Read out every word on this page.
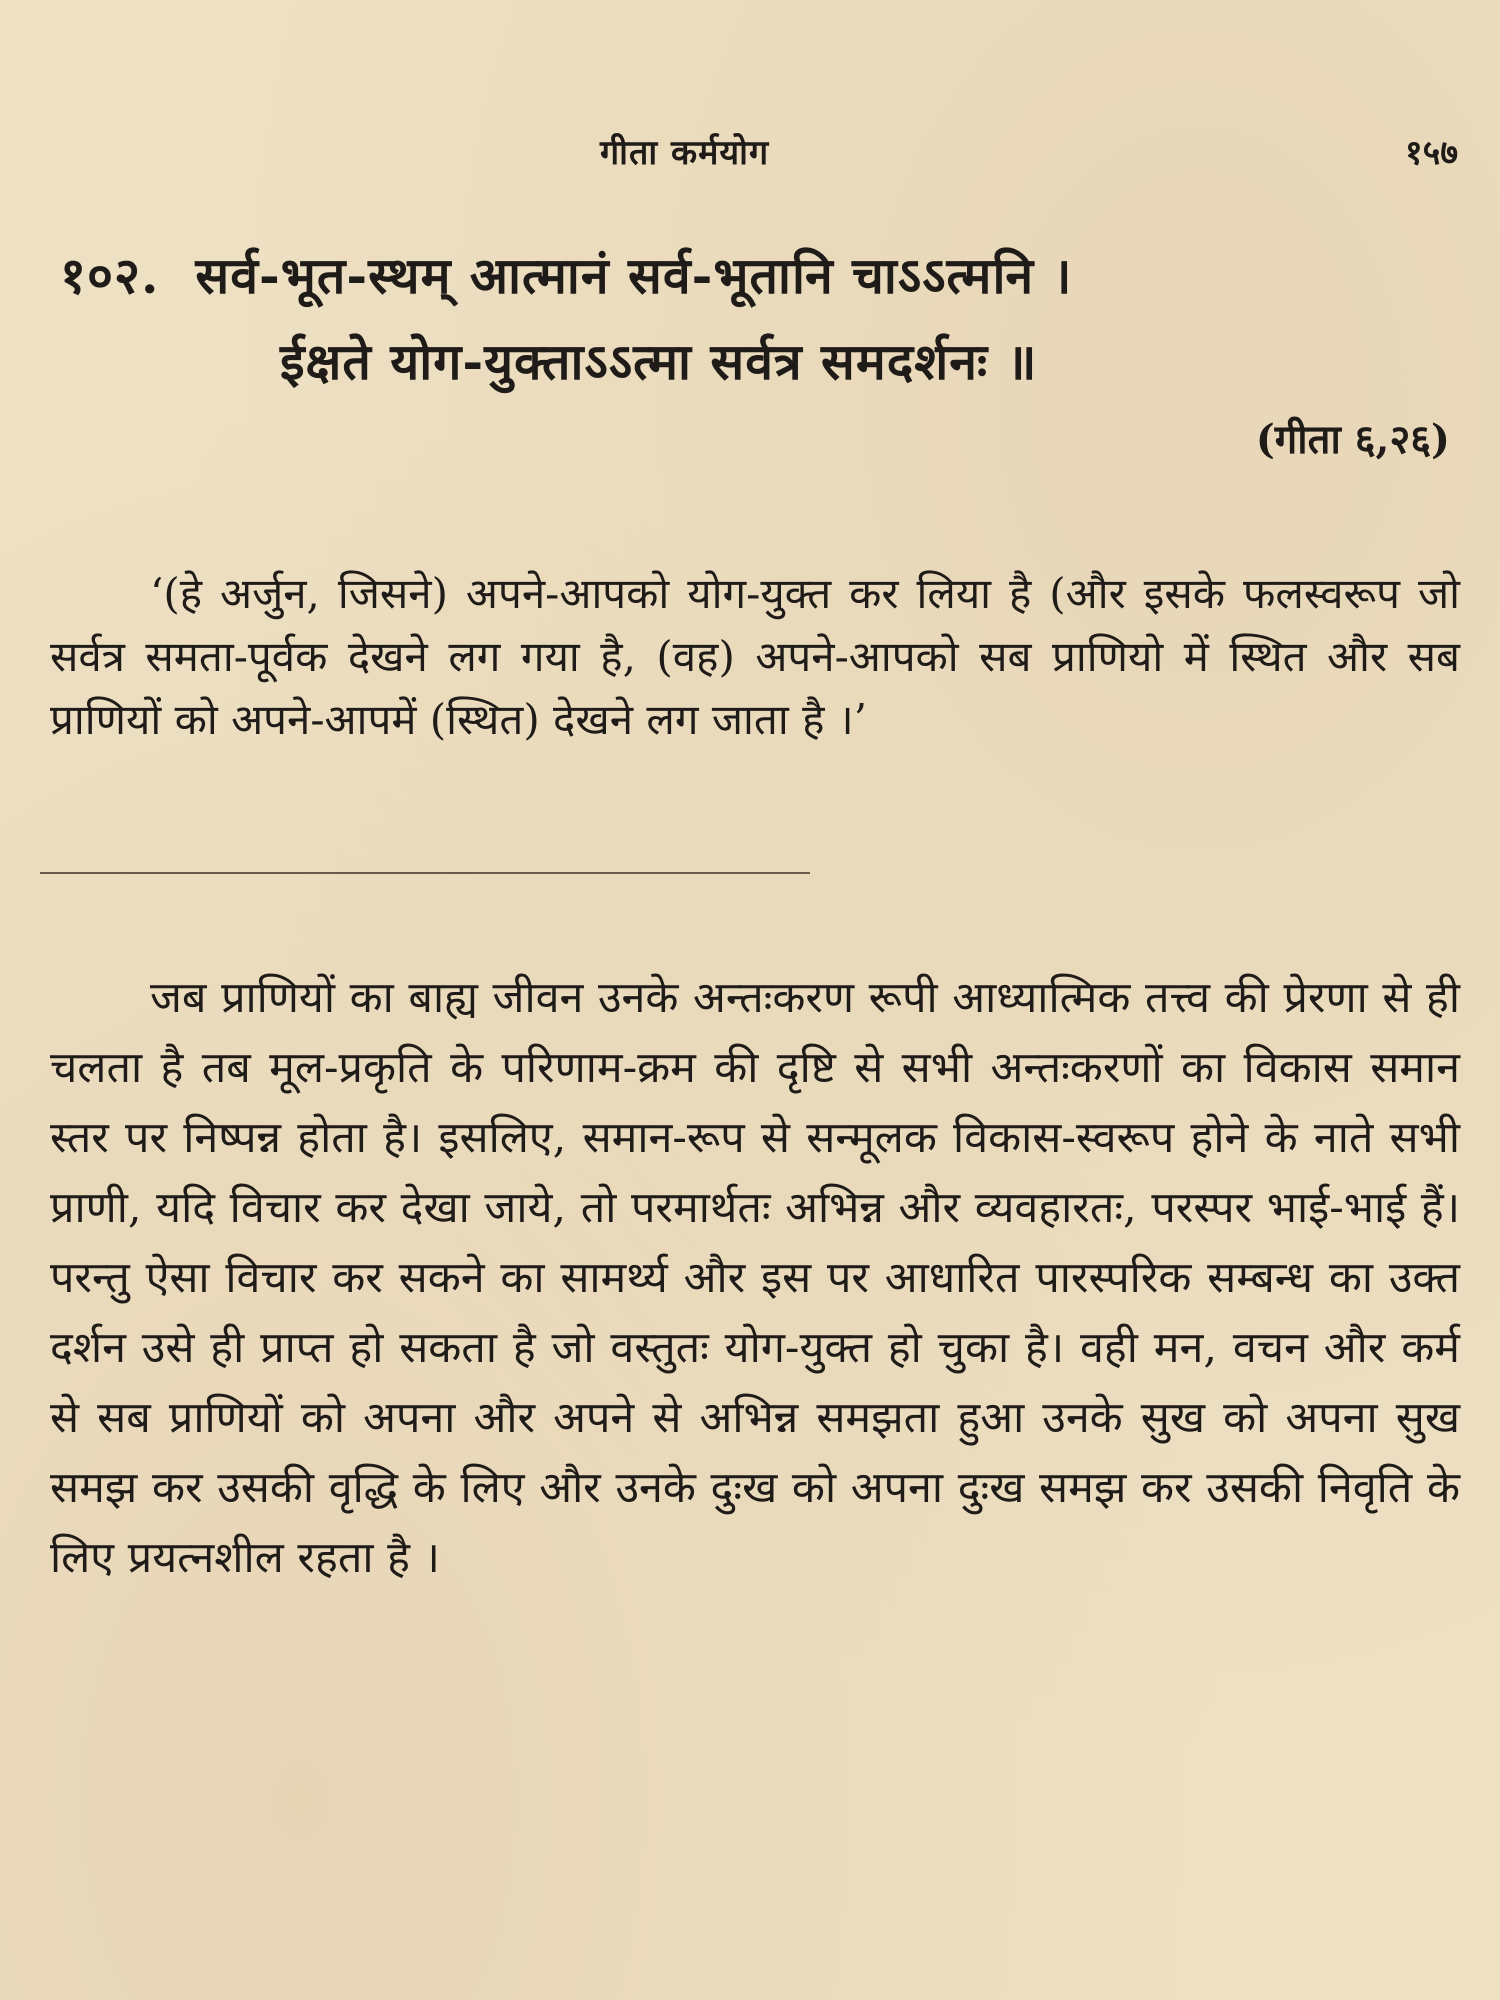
गीता कर्मयोग	१५७
१०२. सर्व-भूत-स्थम् आत्मानं सर्व-भूतानि चाऽऽत्मनि ।
ईक्षते योग-युक्ताऽऽत्मा सर्वत्र समदर्शनः ॥
(गीता ६,२६)

‘(हे अर्जुन, जिसने) अपने-आपको योग-युक्त कर लिया है (और इसके फलस्वरूप जो सर्वत्र समता-पूर्वक देखने लग गया है, (वह) अपने-आपको सब प्राणियो में स्थित और सब प्राणियों को अपने-आपमें (स्थित) देखने लग जाता है ।’

जब प्राणियों का बाह्य जीवन उनके अन्तःकरण रूपी आध्यात्मिक तत्त्व की प्रेरणा से ही चलता है तब मूल-प्रकृति के परिणाम-क्रम की दृष्टि से सभी अन्तःकरणों का विकास समान स्तर पर निष्पन्न होता है। इसलिए, समान-रूप से सन्मूलक विकास-स्वरूप होने के नाते सभी प्राणी, यदि विचार कर देखा जाये, तो परमार्थतः अभिन्न और व्यवहारतः, परस्पर भाई-भाई हैं। परन्तु ऐसा विचार कर सकने का सामर्थ्य और इस पर आधारित पारस्परिक सम्बन्ध का उक्त दर्शन उसे ही प्राप्त हो सकता है जो वस्तुतः योग-युक्त हो चुका है। वही मन, वचन और कर्म से सब प्राणियों को अपना और अपने से अभिन्न समझता हुआ उनके सुख को अपना सुख समझ कर उसकी वृद्धि के लिए और उनके दुःख को अपना दुःख समझ कर उसकी निवृति के लिए प्रयत्नशील रहता है ।
